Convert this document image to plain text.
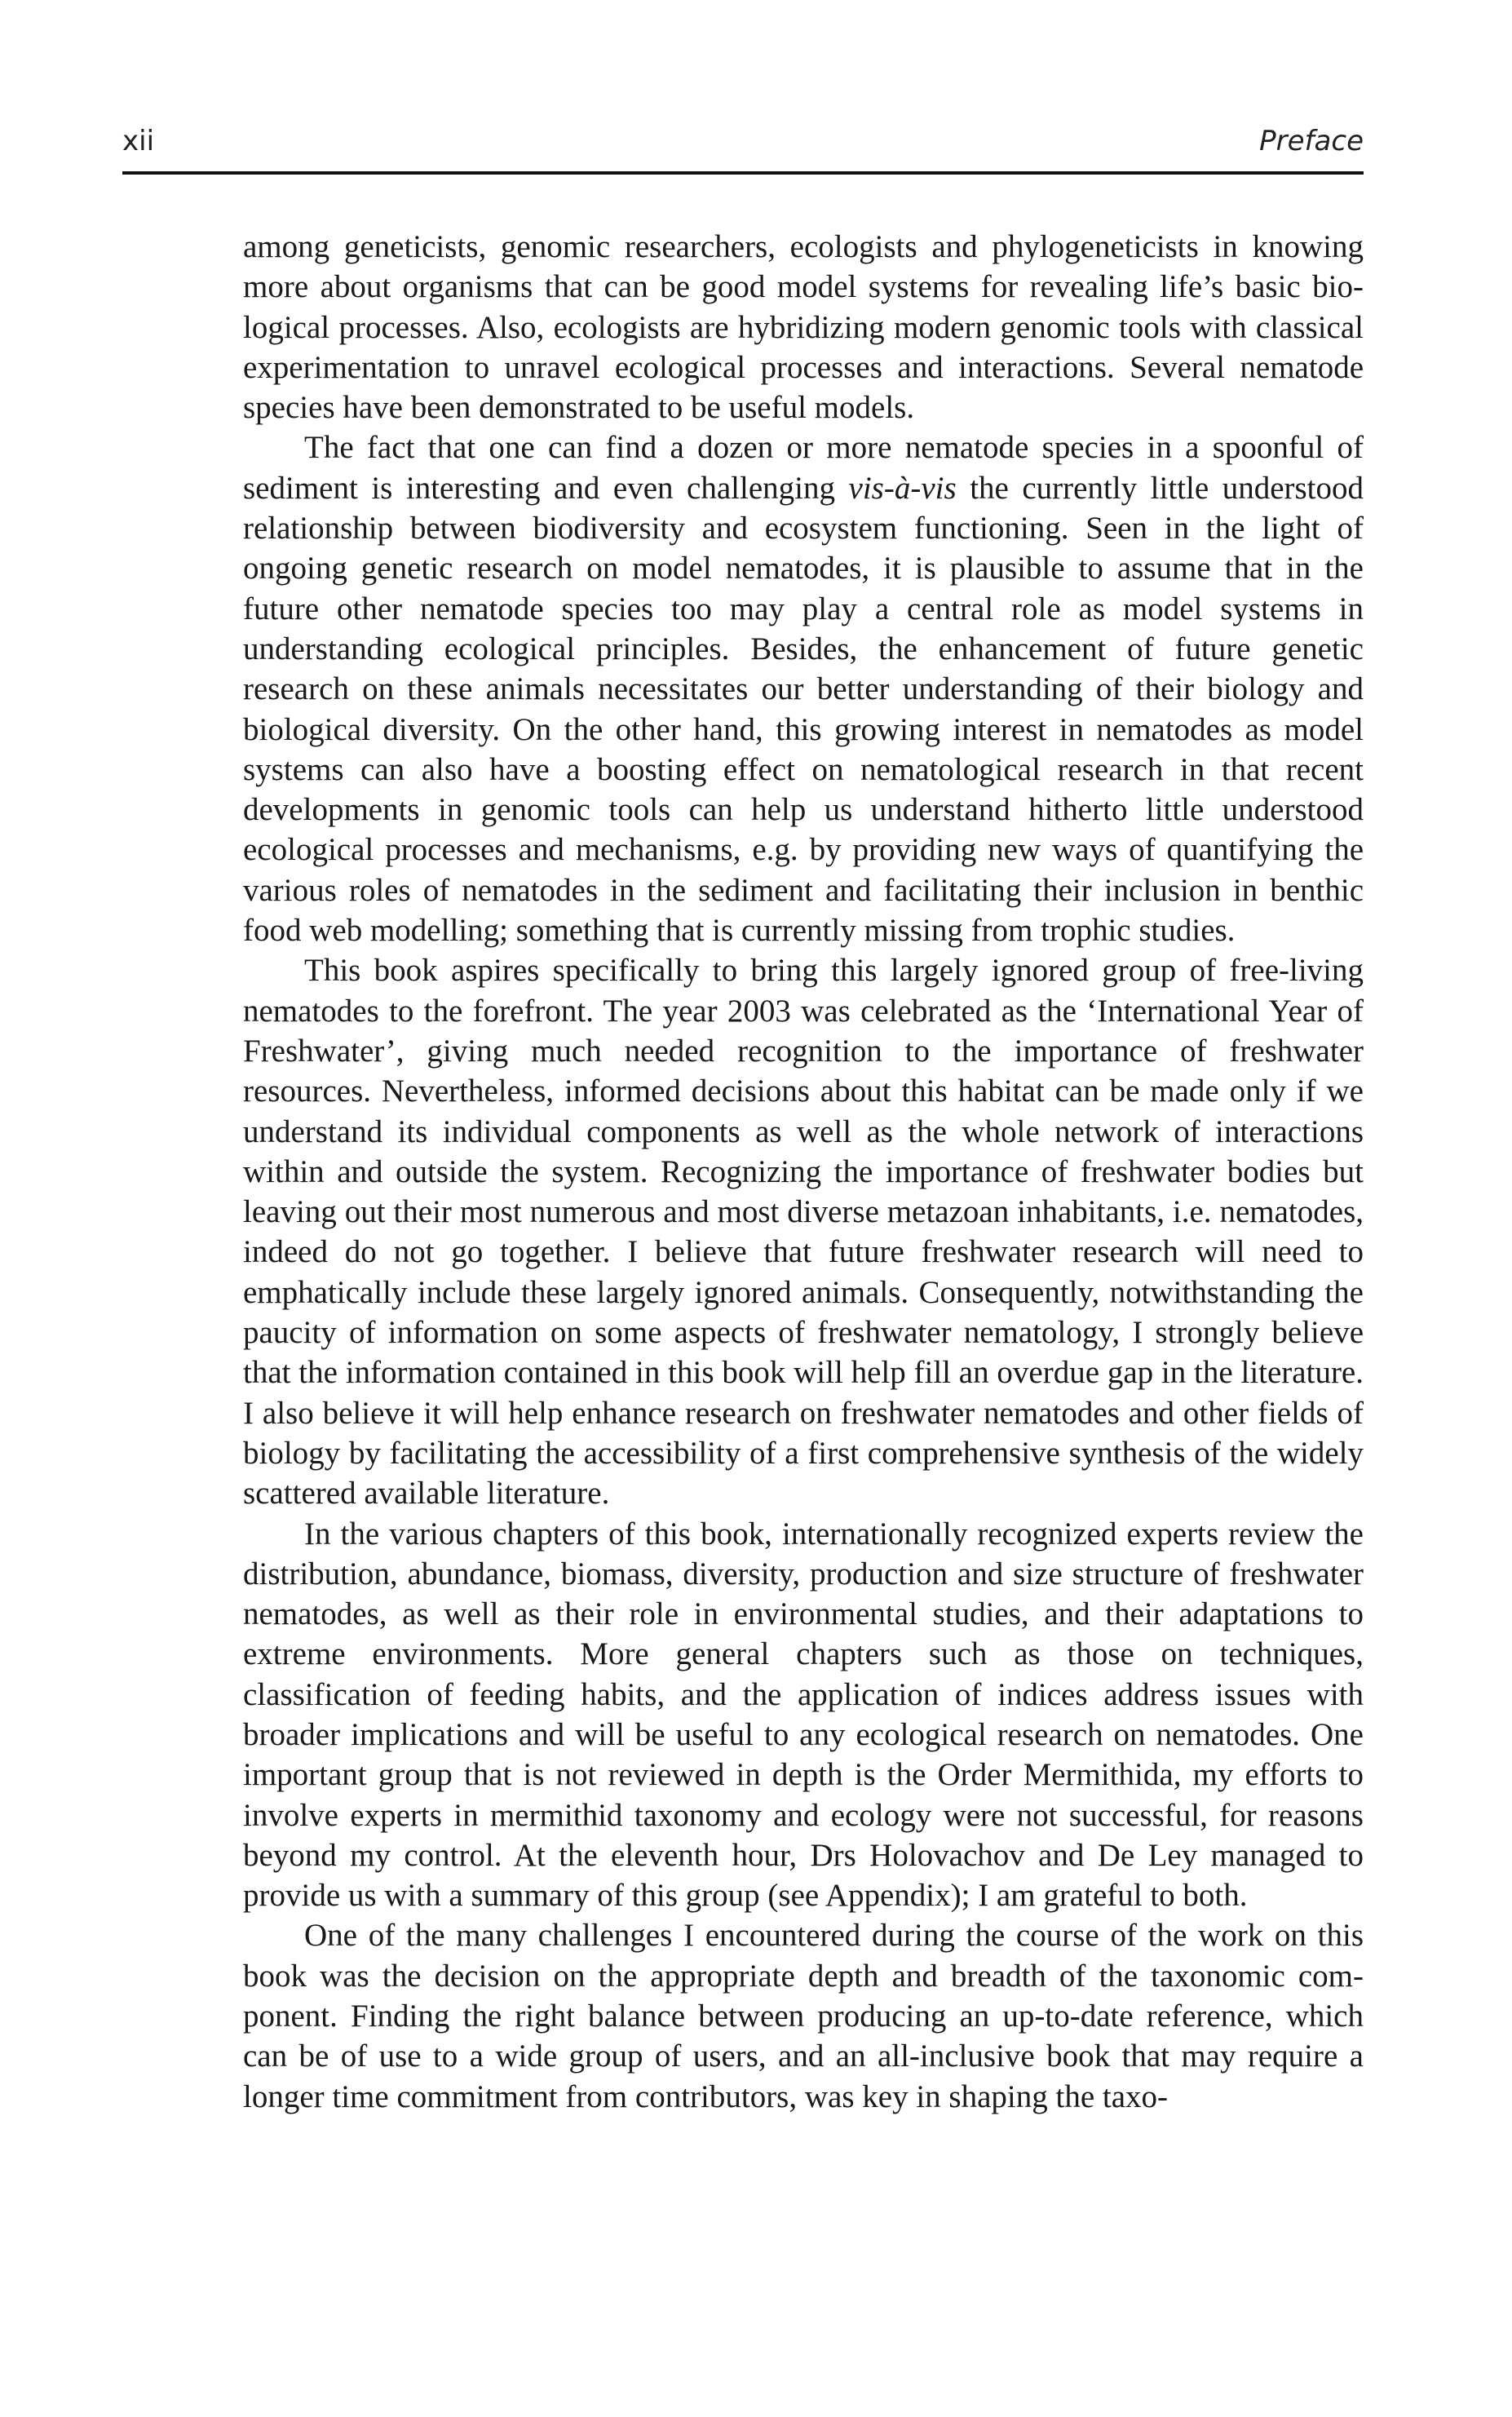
xii	Preface

among geneticists, genomic researchers, ecologists and phylogeneticists in knowing more about organisms that can be good model systems for revealing life’s basic biological processes. Also, ecologists are hybridizing modern genomic tools with classical experimentation to unravel ecological processes and interactions. Several nematode species have been demonstrated to be useful models.

The fact that one can find a dozen or more nematode species in a spoonful of sediment is interesting and even challenging vis-à-vis the currently little understood relationship between biodiversity and ecosystem functioning. Seen in the light of ongoing genetic research on model nematodes, it is plausible to assume that in the future other nematode species too may play a central role as model systems in understanding ecological principles. Besides, the enhancement of future genetic research on these animals necessitates our better understanding of their biology and biological diversity. On the other hand, this growing interest in nematodes as model systems can also have a boosting effect on nematological research in that recent developments in genomic tools can help us understand hitherto little understood ecological processes and mechanisms, e.g. by providing new ways of quantifying the various roles of nematodes in the sediment and facilitating their inclusion in benthic food web modelling; something that is currently missing from trophic studies.

This book aspires specifically to bring this largely ignored group of free-living nematodes to the forefront. The year 2003 was celebrated as the ‘International Year of Freshwater’, giving much needed recognition to the importance of freshwater resources. Nevertheless, informed decisions about this habitat can be made only if we understand its individual components as well as the whole network of interactions within and outside the system. Recognizing the importance of freshwater bodies but leaving out their most numerous and most diverse metazoan inhabitants, i.e. nematodes, indeed do not go together. I believe that future freshwater research will need to emphatically include these largely ignored animals. Consequently, notwithstanding the paucity of information on some aspects of freshwater nematology, I strongly believe that the information contained in this book will help fill an overdue gap in the literature. I also believe it will help enhance research on freshwater nematodes and other fields of biology by facilitating the accessibility of a first comprehensive synthesis of the widely scattered available literature.

In the various chapters of this book, internationally recognized experts review the distribution, abundance, biomass, diversity, production and size structure of freshwater nematodes, as well as their role in environmental studies, and their adaptations to extreme environments. More general chapters such as those on techniques, classification of feeding habits, and the application of indices address issues with broader implications and will be useful to any ecological research on nematodes. One important group that is not reviewed in depth is the Order Mermithida, my efforts to involve experts in mermithid taxonomy and ecology were not successful, for reasons beyond my control. At the eleventh hour, Drs Holovachov and De Ley managed to provide us with a summary of this group (see Appendix); I am grateful to both.

One of the many challenges I encountered during the course of the work on this book was the decision on the appropriate depth and breadth of the taxonomic component. Finding the right balance between producing an up-to-date reference, which can be of use to a wide group of users, and an all-inclusive book that may require a longer time commitment from contributors, was key in shaping the taxo-
